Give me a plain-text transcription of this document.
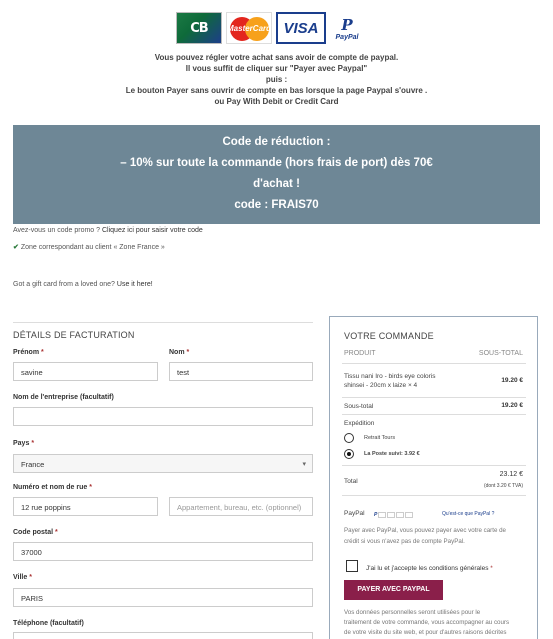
CB MasterCard VISA P
PayPal
Vous pouvez régler votre achat sans avoir de compte de paypal.
Il vous suffit de cliquer sur "Payer avec Paypal"
puis :
Le bouton Payer sans ouvrir de compte en bas lorsque la page Paypal s'ouvre .
ou Pay With Debit or Credit Card
Code de réduction :
– 10% sur toute la commande (hors frais de port) dès 70€
d'achat !
code : FRAIS70
Avez-vous un code promo ? Cliquez ici pour saisir votre code
✔ Zone correspondant au client « Zone France »
Got a gift card from a loved one? Use it here!
DÉTAILS DE FACTURATION
Prénom *
savine
Nom *
test
Nom de l'entreprise (facultatif)
Pays *
France	▾
Numéro et nom de rue *
12 rue poppins	Appartement, bureau, etc. (optionnel)
Code postal *
37000
Ville *
PARIS
Téléphone (facultatif)
VOTRE COMMANDE
PRODUIT	SOUS-TOTAL
Tissu nani Iro - birds eye coloris
shinsei - 20cm x laize × 4
19.20 €
Sous-total	19.20 €
Expédition
Retrait Tours
La Poste suivi: 3.92 €
Total
23.12 €
(dont 3.20 € TVA)
PayPal P	Qu'est-ce que PayPal ?
Payer avec PayPal, vous pouvez payer avec votre carte de
crédit si vous n'avez pas de compte PayPal.
J'ai lu et j'accepte les conditions générales *
PAYER AVEC PAYPAL
Vos données personnelles seront utilisées pour le
traitement de votre commande, vous accompagner au cours
de votre visite du site web, et pour d'autres raisons décrites
